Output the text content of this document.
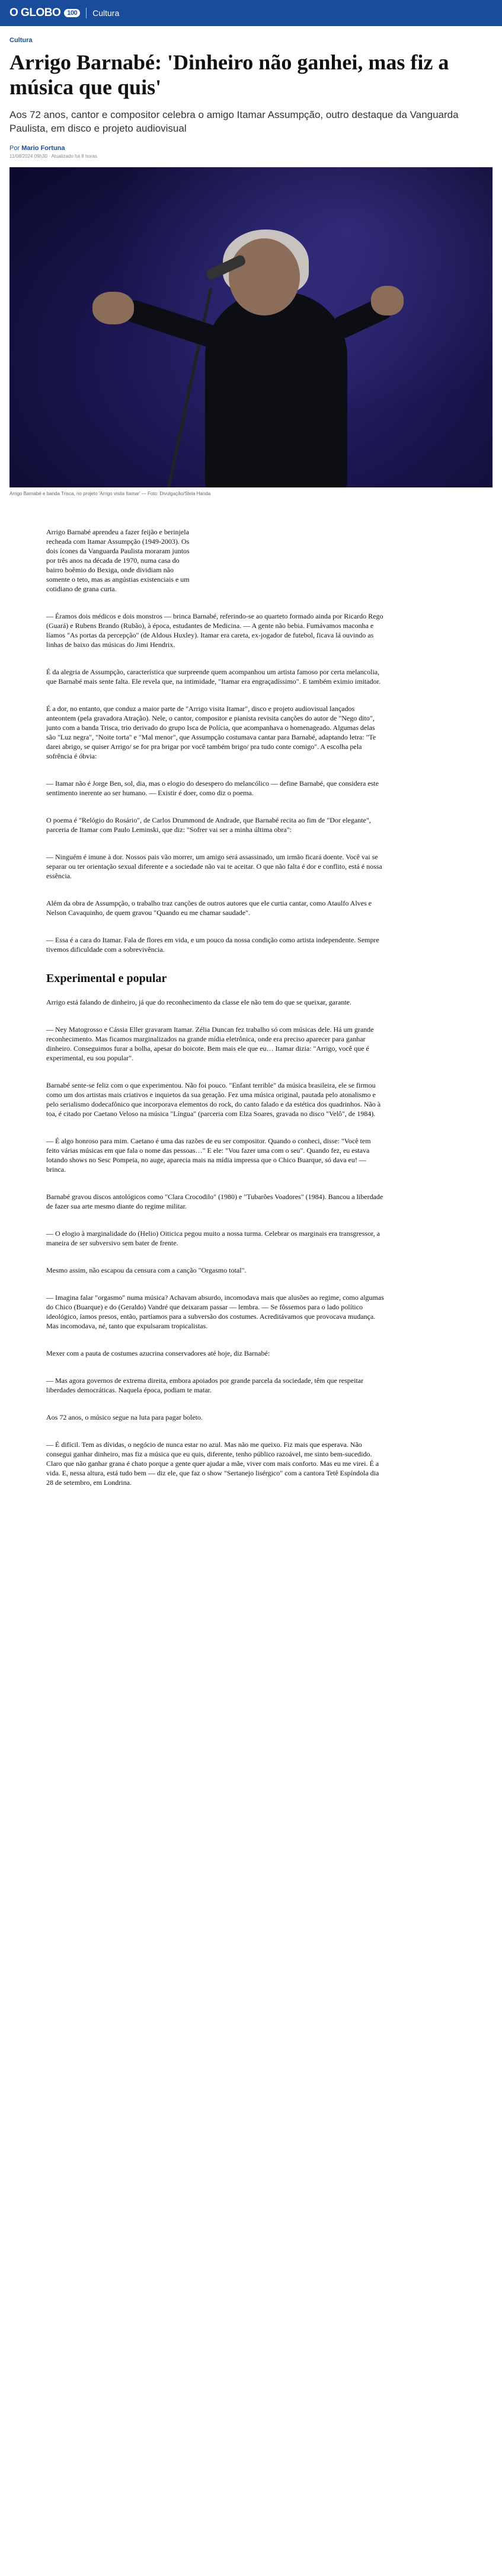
O GLOBO	100	Cultura
Cultura
Arrigo Barnabé: 'Dinheiro não ganhei, mas fiz a música que quis'
Aos 72 anos, cantor e compositor celebra o amigo Itamar Assumpção, outro destaque da Vanguarda Paulista, em disco e projeto audiovisual
Por Mario Fortuna
11/08/2024 09h30 · Atualizado há 8 horas
Arrigo Barnabé e banda Trisca, no projeto 'Arrigo visita Itamar' — Foto: Divulgação/Stela Handa

Arrigo Barnabé aprendeu a fazer feijão e berinjela recheada com Itamar Assumpção (1949-2003). Os dois ícones da Vanguarda Paulista moraram juntos por três anos na década de 1970, numa casa do bairro boêmio do Bexiga, onde dividiam não somente o teto, mas as angústias existenciais e um cotidiano de grana curta.

— Éramos dois médicos e dois monstros — brinca Barnabé, referindo-se ao quarteto formado ainda por Ricardo Rego (Guará) e Rubens Brando (Rubão), à época, estudantes de Medicina. — A gente não bebia. Fumávamos maconha e líamos "As portas da percepção" (de Aldous Huxley). Itamar era careta, ex-jogador de futebol, ficava lá ouvindo as linhas de baixo das músicas do Jimi Hendrix.

É da alegria de Assumpção, característica que surpreende quem acompanhou um artista famoso por certa melancolia, que Barnabé mais sente falta. Ele revela que, na intimidade, "Itamar era engraçadíssimo". E também eximio imitador.

É a dor, no entanto, que conduz a maior parte de "Arrigo visita Itamar", disco e projeto audiovisual lançados anteontem (pela gravadora Atração). Nele, o cantor, compositor e pianista revisita canções do autor de "Nego dito", junto com a banda Trisca, trio derivado do grupo Isca de Polícia, que acompanhava o homenageado. Algumas delas são "Luz negra", "Noite torta" e "Mal menor", que Assumpção costumava cantar para Barnabé, adaptando letra: "Te darei abrigo, se quiser Arrigo/ se for pra brigar por você também brigo/ pra tudo conte comigo". A escolha pela sofrência é óbvia:

— Itamar não é Jorge Ben, sol, dia, mas o elogio do desespero do melancólico — define Barnabé, que considera este sentimento inerente ao ser humano. — Existir é doer, como diz o poema.

O poema é "Relógio do Rosário", de Carlos Drummond de Andrade, que Barnabé recita ao fim de "Dor elegante", parceria de Itamar com Paulo Leminski, que diz: "Sofrer vai ser a minha última obra":

— Ninguém é imune à dor. Nossos pais vão morrer, um amigo será assassinado, um irmão ficará doente. Você vai se separar ou ter orientação sexual diferente e a sociedade não vai te aceitar. O que não falta é dor e conflito, está é nossa essência.

Além da obra de Assumpção, o trabalho traz canções de outros autores que ele curtia cantar, como Ataulfo Alves e Nelson Cavaquinho, de quem gravou "Quando eu me chamar saudade".

— Essa é a cara do Itamar. Fala de flores em vida, e um pouco da nossa condição como artista independente. Sempre tivemos dificuldade com a sobrevivência.

Experimental e popular

Arrigo está falando de dinheiro, já que do reconhecimento da classe ele não tem do que se queixar, garante.

— Ney Matogrosso e Cássia Eller gravaram Itamar. Zélia Duncan fez trabalho só com músicas dele. Há um grande reconhecimento. Mas ficamos marginalizados na grande mídia eletrônica, onde era preciso aparecer para ganhar dinheiro. Conseguimos furar a bolha, apesar do boicote. Bem mais ele que eu… Itamar dizia: "Arrigo, você que é experimental, eu sou popular".

Barnabé sente-se feliz com o que experimentou. Não foi pouco. "Enfant terrible" da música brasileira, ele se firmou como um dos artistas mais criativos e inquietos da sua geração. Fez uma música original, pautada pelo atonalismo e pelo serialismo dodecafônico que incorporava elementos do rock, do canto falado e da estética dos quadrinhos. Não à toa, é citado por Caetano Veloso na música "Língua" (parceria com Elza Soares, gravada no disco "Velô", de 1984).

— É algo honroso para mim. Caetano é uma das razões de eu ser compositor. Quando o conheci, disse: "Você tem feito várias músicas em que fala o nome das pessoas…" E ele: "Vou fazer uma com o seu". Quando fez, eu estava lotando shows no Sesc Pompeia, no auge, aparecia mais na mídia impressa que o Chico Buarque, só dava eu! — brinca.

Barnabé gravou discos antológicos como "Clara Crocodilo" (1980) e "Tubarões Voadores" (1984). Bancou a liberdade de fazer sua arte mesmo diante do regime militar.

— O elogio à marginalidade do (Helio) Oiticica pegou muito a nossa turma. Celebrar os marginais era transgressor, a maneira de ser subversivo sem bater de frente.

Mesmo assim, não escapou da censura com a canção "Orgasmo total".

— Imagina falar "orgasmo" numa música? Achavam absurdo, incomodava mais que alusões ao regime, como algumas do Chico (Buarque) e do (Geraldo) Vandré que deixaram passar — lembra. — Se fôssemos para o lado político ideológico, íamos presos, então, partíamos para a subversão dos costumes. Acreditávamos que provocava mudança. Mas incomodava, né, tanto que expulsaram tropicalistas.

Mexer com a pauta de costumes azucrina conservadores até hoje, diz Barnabé:

— Mas agora governos de extrema direita, embora apoiados por grande parcela da sociedade, têm que respeitar liberdades democráticas. Naquela época, podiam te matar.

Aos 72 anos, o músico segue na luta para pagar boleto.

— É difícil. Tem as dívidas, o negócio de nunca estar no azul. Mas não me queixo. Fiz mais que esperava. Não consegui ganhar dinheiro, mas fiz a música que eu quis, diferente, tenho público razoável, me sinto bem-sucedido. Claro que não ganhar grana é chato porque a gente quer ajudar a mãe, viver com mais conforto. Mas eu me virei. É a vida. E, nessa altura, está tudo bem — diz ele, que faz o show "Sertanejo lisérgico" com a cantora Tetê Espíndola dia 28 de setembro, em Londrina.
